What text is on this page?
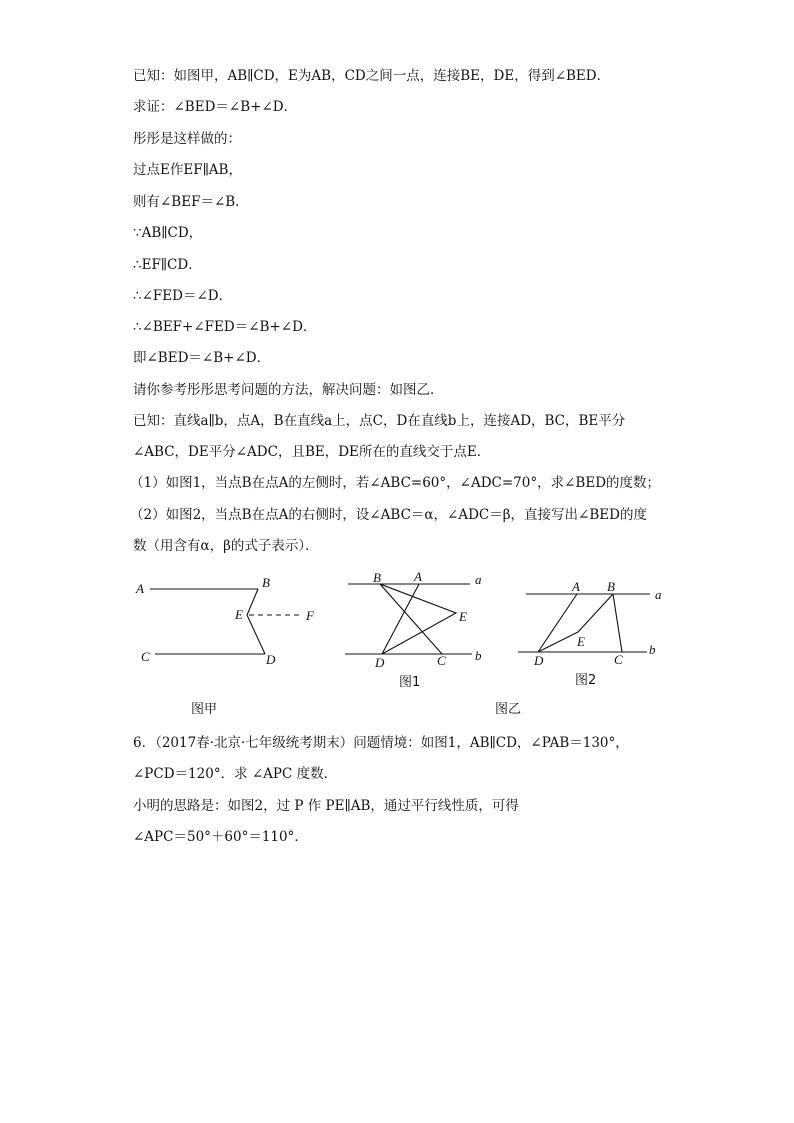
已知：如图甲，AB∥CD，E为AB，CD之间一点，连接BE，DE，得到∠BED．
求证：∠BED＝∠B+∠D．
彤彤是这样做的：
过点E作EF∥AB，
则有∠BEF＝∠B．
∵AB∥CD，
∴EF∥CD．
∴∠FED＝∠D．
∴∠BEF+∠FED＝∠B+∠D．
即∠BED＝∠B+∠D．
请你参考彤彤思考问题的方法，解决问题：如图乙．
已知：直线a∥b，点A，B在直线a上，点C，D在直线b上，连接AD，BC，BE平分
∠ABC，DE平分∠ADC，且BE，DE所在的直线交于点E．
（1）如图1，当点B在点A的左侧时，若∠ABC=60°，∠ADC=70°，求∠BED的度数；
（2）如图2，当点B在点A的右侧时，设∠ABC＝α，∠ADC＝β，直接写出∠BED的度
数（用含有α，β的式子表示）．
6．（2017春·北京·七年级统考期末）问题情境：如图1，AB∥CD，∠PAB＝130°，
∠PCD＝120°．求 ∠APC 度数．
小明的思路是：如图2，过 P 作 PE∥AB，通过平行线性质，可得
∠APC＝50°＋60°＝110°．
A	B
E	F
C	D
图甲
B	A	a
E
D	C b
图1
A B
a
E
D	C
b
图2
图乙
